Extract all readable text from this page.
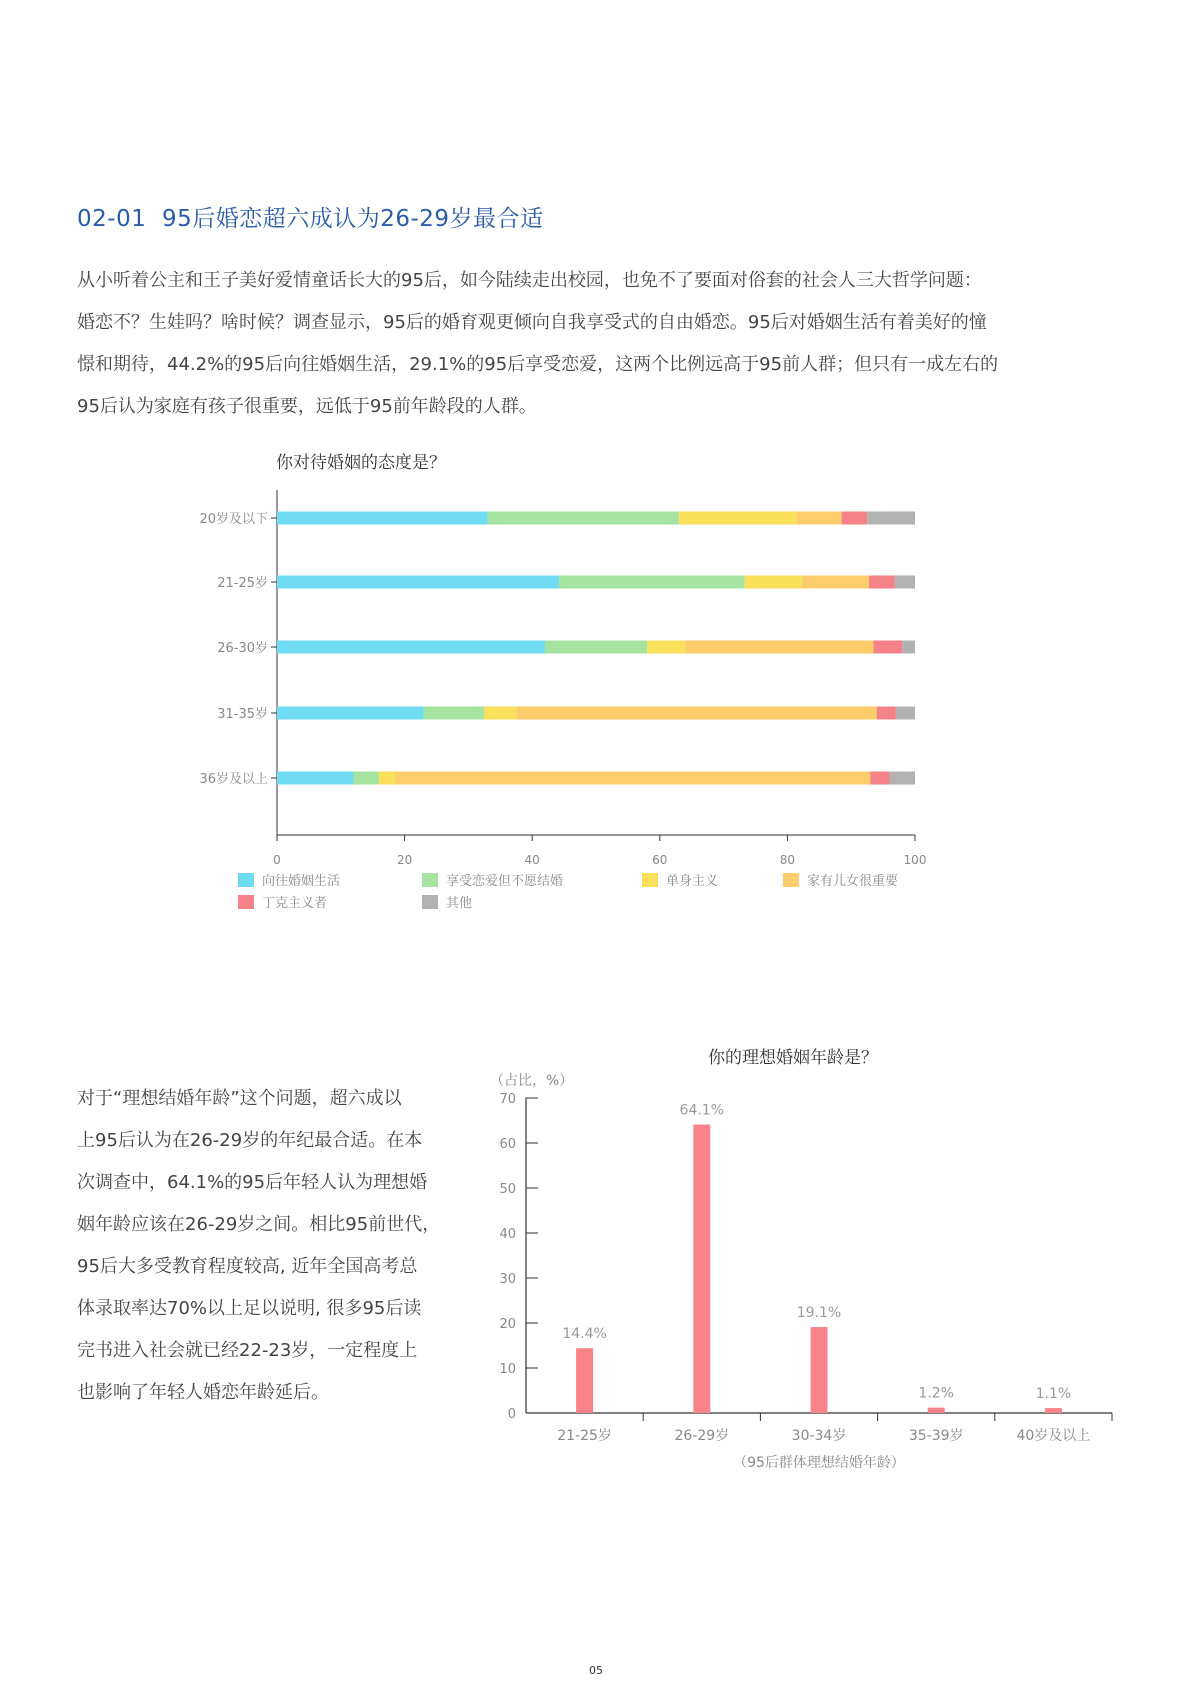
02-01 95后婚恋超六成认为26-29岁最合适

从小听着公主和王子美好爱情童话长大的95后，如今陆续走出校园，也免不了要面对俗套的社会人三大哲学问题：

婚恋不？生娃吗？啥时候？调查显示，95后的婚育观更倾向自我享受式的自由婚恋。95后对婚姻生活有着美好的憧

憬和期待，44.2%的95后向往婚姻生活，29.1%的95后享受恋爱，这两个比例远高于95前人群；但只有一成左右的

95后认为家庭有孩子很重要，远低于95前年龄段的人群。

你对待婚姻的态度是？
20岁及以下
21-25岁
26-30岁
31-35岁
36岁及以上
0	20	40	60	80	100
向往婚姻生活	享受恋爱但不愿结婚	单身主义	家有儿女很重要
丁克主义者	其他

对于“理想结婚年龄”这个问题，超六成以

上95后认为在26-29岁的年纪最合适。在本

次调查中，64.1%的95后年轻人认为理想婚

姻年龄应该在26-29岁之间。相比95前世代，

95后大多受教育程度较高, 近年全国高考总

体录取率达70%以上足以说明, 很多95后读

完书进入社会就已经22-23岁，一定程度上

也影响了年轻人婚恋年龄延后。

你的理想婚姻年龄是？
（占比，%）
0
10
20
30
40
50
60
70
14.4%
21-25岁
64.1%
26-29岁
19.1%
30-34岁
1.2%
35-39岁
1.1%
40岁及以上
（95后群体理想结婚年龄）
05
